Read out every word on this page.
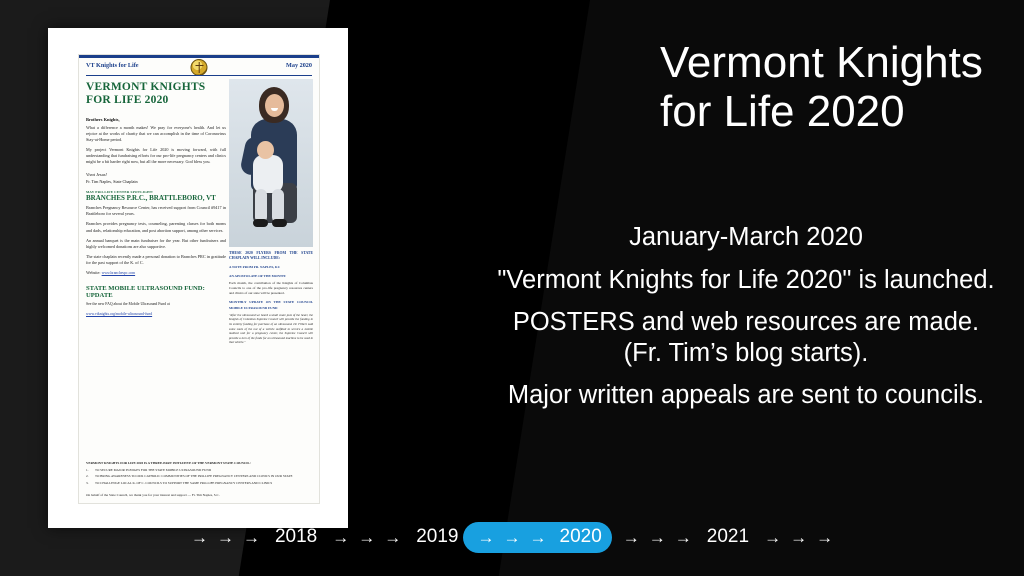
VT Knights for Life	May 2020
VERMONT KNIGHTS FOR LIFE 2020

Brothers Knights,

What a difference a month makes! We pray for everyone's health. And let us rejoice at the works of charity that we can accomplish in the time of Coronavirus Stay-at-Home period.

My project Vermont Knights for Life 2020 is moving forward, with full understanding that fundraising efforts for our pro-life pregnancy centers and clinics might be a bit harder right now, but all the more necessary. God bless you.

Vivat Jesus!

Fr. Tim Naples, State Chaplain

MAY PRO-LIFE CENTER SPOTLIGHT:

BRANCHES P.R.C., BRATTLEBORO, VT

Branches Pregnancy Resource Center, has received support from Council #9417 in Brattleboro for several years.

Branches provides pregnancy tests, counseling, parenting classes for both moms and dads, relationship education, and post abortion support, among other services.

An annual banquet is the main fundraiser for the year. But other fundraisers and highly welcomed donations are also supportive.

The state chaplain recently made a personal donation to Branches PRC in gratitude for the past support of the K. of C.

Website: www.branchespc.com

STATE MOBILE ULTRASOUND FUND: UPDATE

See the new FAQ about the Mobile Ultrasound Fund at

www.vtknights.org/mobile-ultrasound-fund

THESE 2020 FLYERS FROM THE STATE CHAPLAIN WILL INCLUDE:
A NOTE FROM FR. NAPLES, KC
AN APOSTOLATE OF THE MONTH:

Each month, the contribution of the Knights of Columbus Councils to one of the pro-life pregnancy resources centers and clinics of our state will be presented.

MONTHLY UPDATE ON THE STATE COUNCIL MOBILE ULTRASOUND FUND

"After the ultrasound we heard a small snare puts of the heart, the Knights of Columbus Supreme Council will provide the funding in its entirety funding for purchase of an ultrasound. Dr. Filbert said some souls of the not of a vehicle outfitted to service a mobile medical unit for a pregnancy center, the Supreme Council will provide a turn of the funds for an ultrasound machine to be used in that vehicle."

VERMONT KNIGHTS FOR LIFE 2020 IS A THREE-PART INITIATIVE OF THE VERMONT STATE COUNCIL:
1.	TO SECURE MAJOR PLEDGES FOR THE STATE MOBILE ULTRASOUND FUND
2.	TO BRING AWARENESS TO OUR CATHOLIC COMMUNITIES OF THE PRO-LIFE PREGNANCY CENTERS AND CLINICS IN OUR STATE
3.	TO CHALLENGE LOCAL K. OF C. COUNCILS TO SUPPORT THE SAME PRO-LIFE PREGNANCY CENTERS AND CLINICS
On behalf of the State Council, we thank you for your interest and support — Fr. Tim Naples, S.C.
Vermont Knights for Life 2020

January-March 2020

"Vermont Knights for Life 2020" is launched.

POSTERS and web resources are made. (Fr. Tim’s blog starts).

Major written appeals are sent to councils.

→ → → 2018 → → → 2019 → → → 2020 → → → 2021 → → →
